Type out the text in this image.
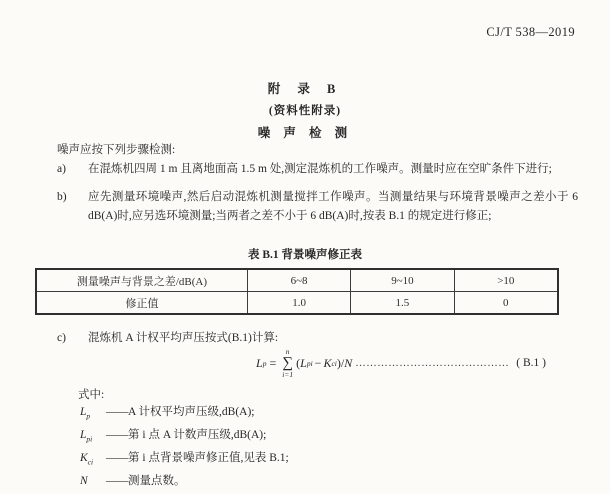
CJ/T 538—2019
附 录 B
(资料性附录)
噪 声 检 测
噪声应按下列步骤检测:
a) 在混炼机四周 1 m 且离地面高 1.5 m 处,测定混炼机的工作噪声。测量时应在空旷条件下进行;
b) 应先测量环境噪声,然后启动混炼机测量搅拌工作噪声。当测量结果与环境背景噪声之差小于 6 dB(A)时,应另选环境测量;当两者之差不小于 6 dB(A)时,按表 B.1 的规定进行修正;
表 B.1 背景噪声修正表
测量噪声与背景之差/dB(A)	6~8	9~10	>10
修正值	1.0	1.5	0
c) 混炼机 A 计权平均声压按式(B.1)计算:
L p =
n
∑
i=1
( L pi − K ci )/ N …………………………………… ( B.1 )
式中:
$L_p$	—— A 计权平均声压级,dB(A);
$L_{pi}$	—— 第 i 点 A 计数声压级,dB(A);
$K_{ci}$	—— 第 i 点背景噪声修正值,见表 B.1;
N	—— 测量点数。
